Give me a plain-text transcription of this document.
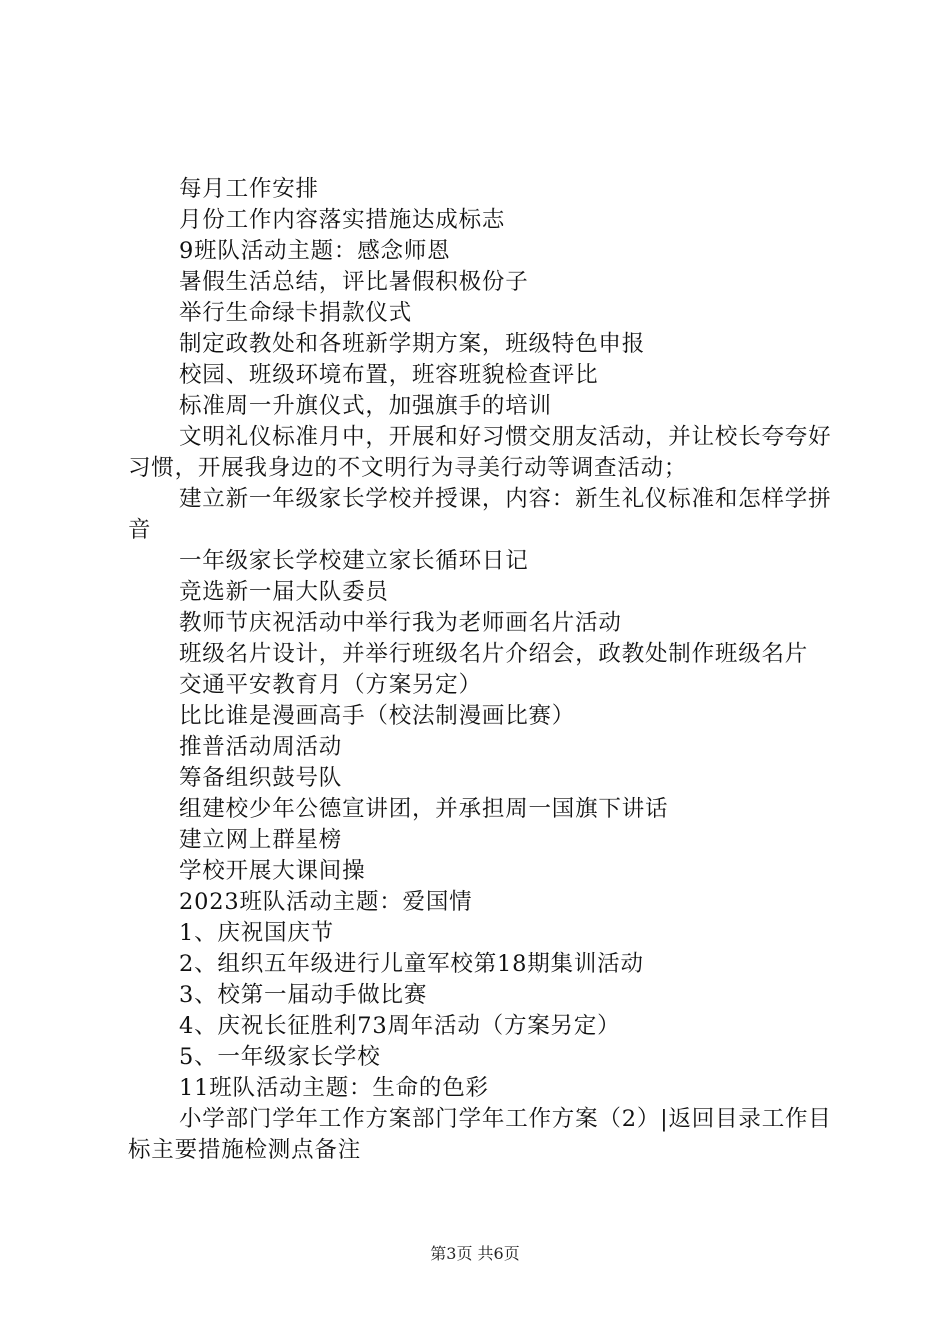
每月工作安排

月份工作内容落实措施达成标志

9班队活动主题：感念师恩

暑假生活总结，评比暑假积极份子

举行生命绿卡捐款仪式

制定政教处和各班新学期方案，班级特色申报

校园、班级环境布置，班容班貌检查评比

标准周一升旗仪式，加强旗手的培训

文明礼仪标准月中，开展和好习惯交朋友活动，并让校长夸夸好习惯，开展我身边的不文明行为寻美行动等调查活动；

建立新一年级家长学校并授课，内容：新生礼仪标准和怎样学拼音

一年级家长学校建立家长循环日记

竞选新一届大队委员

教师节庆祝活动中举行我为老师画名片活动

班级名片设计，并举行班级名片介绍会，政教处制作班级名片

交通平安教育月（方案另定）

比比谁是漫画高手（校法制漫画比赛）

推普活动周活动

筹备组织鼓号队

组建校少年公德宣讲团，并承担周一国旗下讲话

建立网上群星榜

学校开展大课间操

2023班队活动主题：爱国情

1、庆祝国庆节

2、组织五年级进行儿童军校第18期集训活动

3、校第一届动手做比赛

4、庆祝长征胜利73周年活动（方案另定）

5、一年级家长学校

11班队活动主题：生命的色彩

小学部门学年工作方案部门学年工作方案（2）|返回目录工作目标主要措施检测点备注

第3页 共6页
